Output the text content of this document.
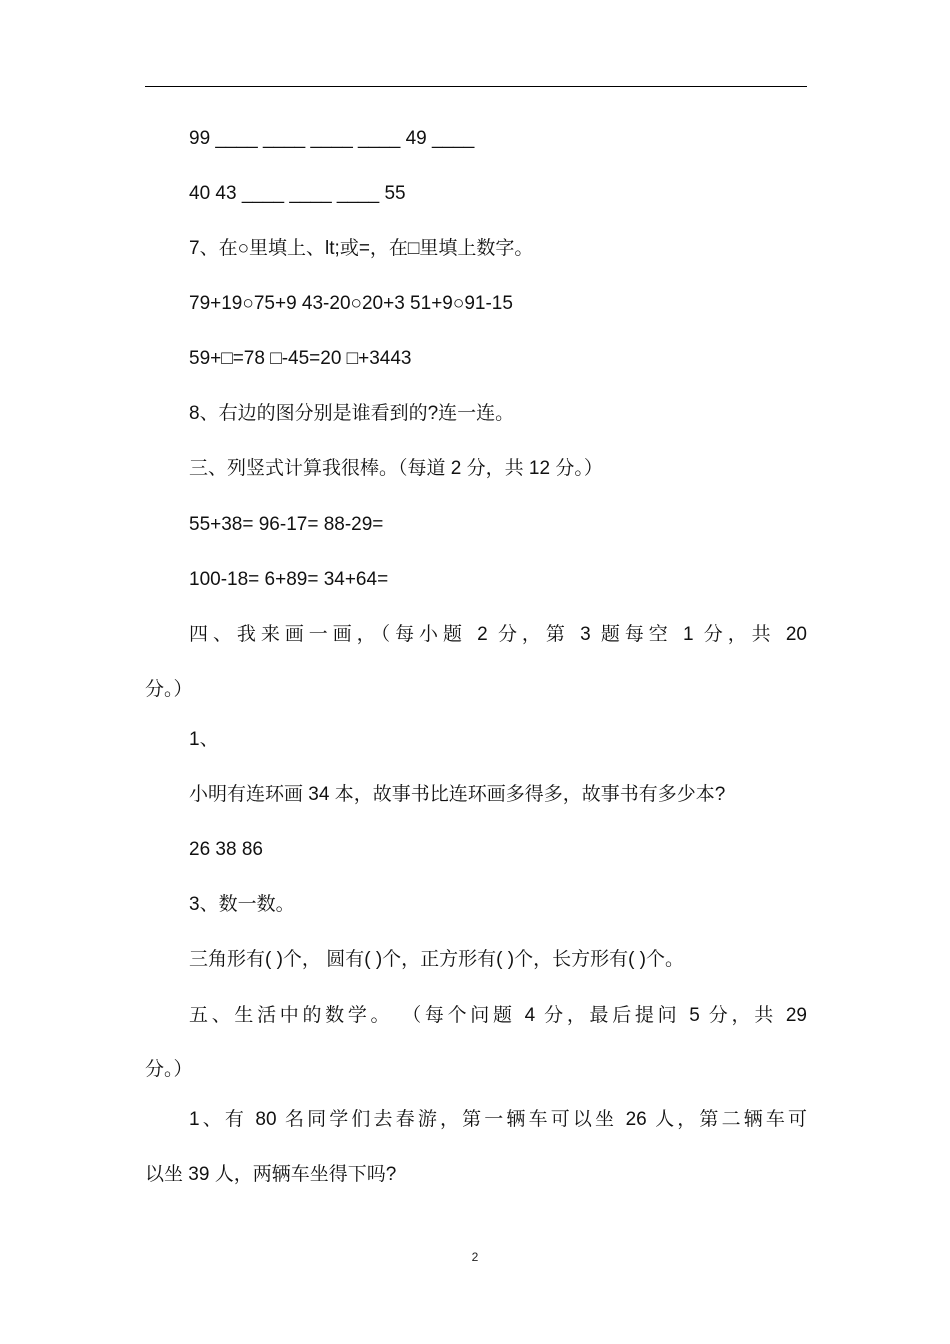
99 ____ ____ ____ ____ 49 ____
40 43 ____ ____ ____ 55
7、在○里填上、lt;或=，在□里填上数字。
79+19○75+9 43-20○20+3 51+9○91-15
59+□=78 □-45=20 □+3443
8、右边的图分别是谁看到的?连一连。
三、列竖式计算我很棒。（每道 2 分，共 12 分。）
55+38= 96-17= 88-29=
100-18= 6+89= 34+64=
四、我来画一画，（每小题 2 分，第 3 题每空 1 分，共 20
分。）
1、
小明有连环画 34 本，故事书比连环画多得多，故事书有多少本?
26 38 86
3、数一数。
三角形有( )个， 圆有( )个，正方形有( )个，长方形有( )个。
五、生活中的数学。 （每个问题 4 分，最后提问 5 分，共 29
分。）
1、有 80 名同学们去春游，第一辆车可以坐 26 人，第二辆车可
以坐 39 人，两辆车坐得下吗?
2
